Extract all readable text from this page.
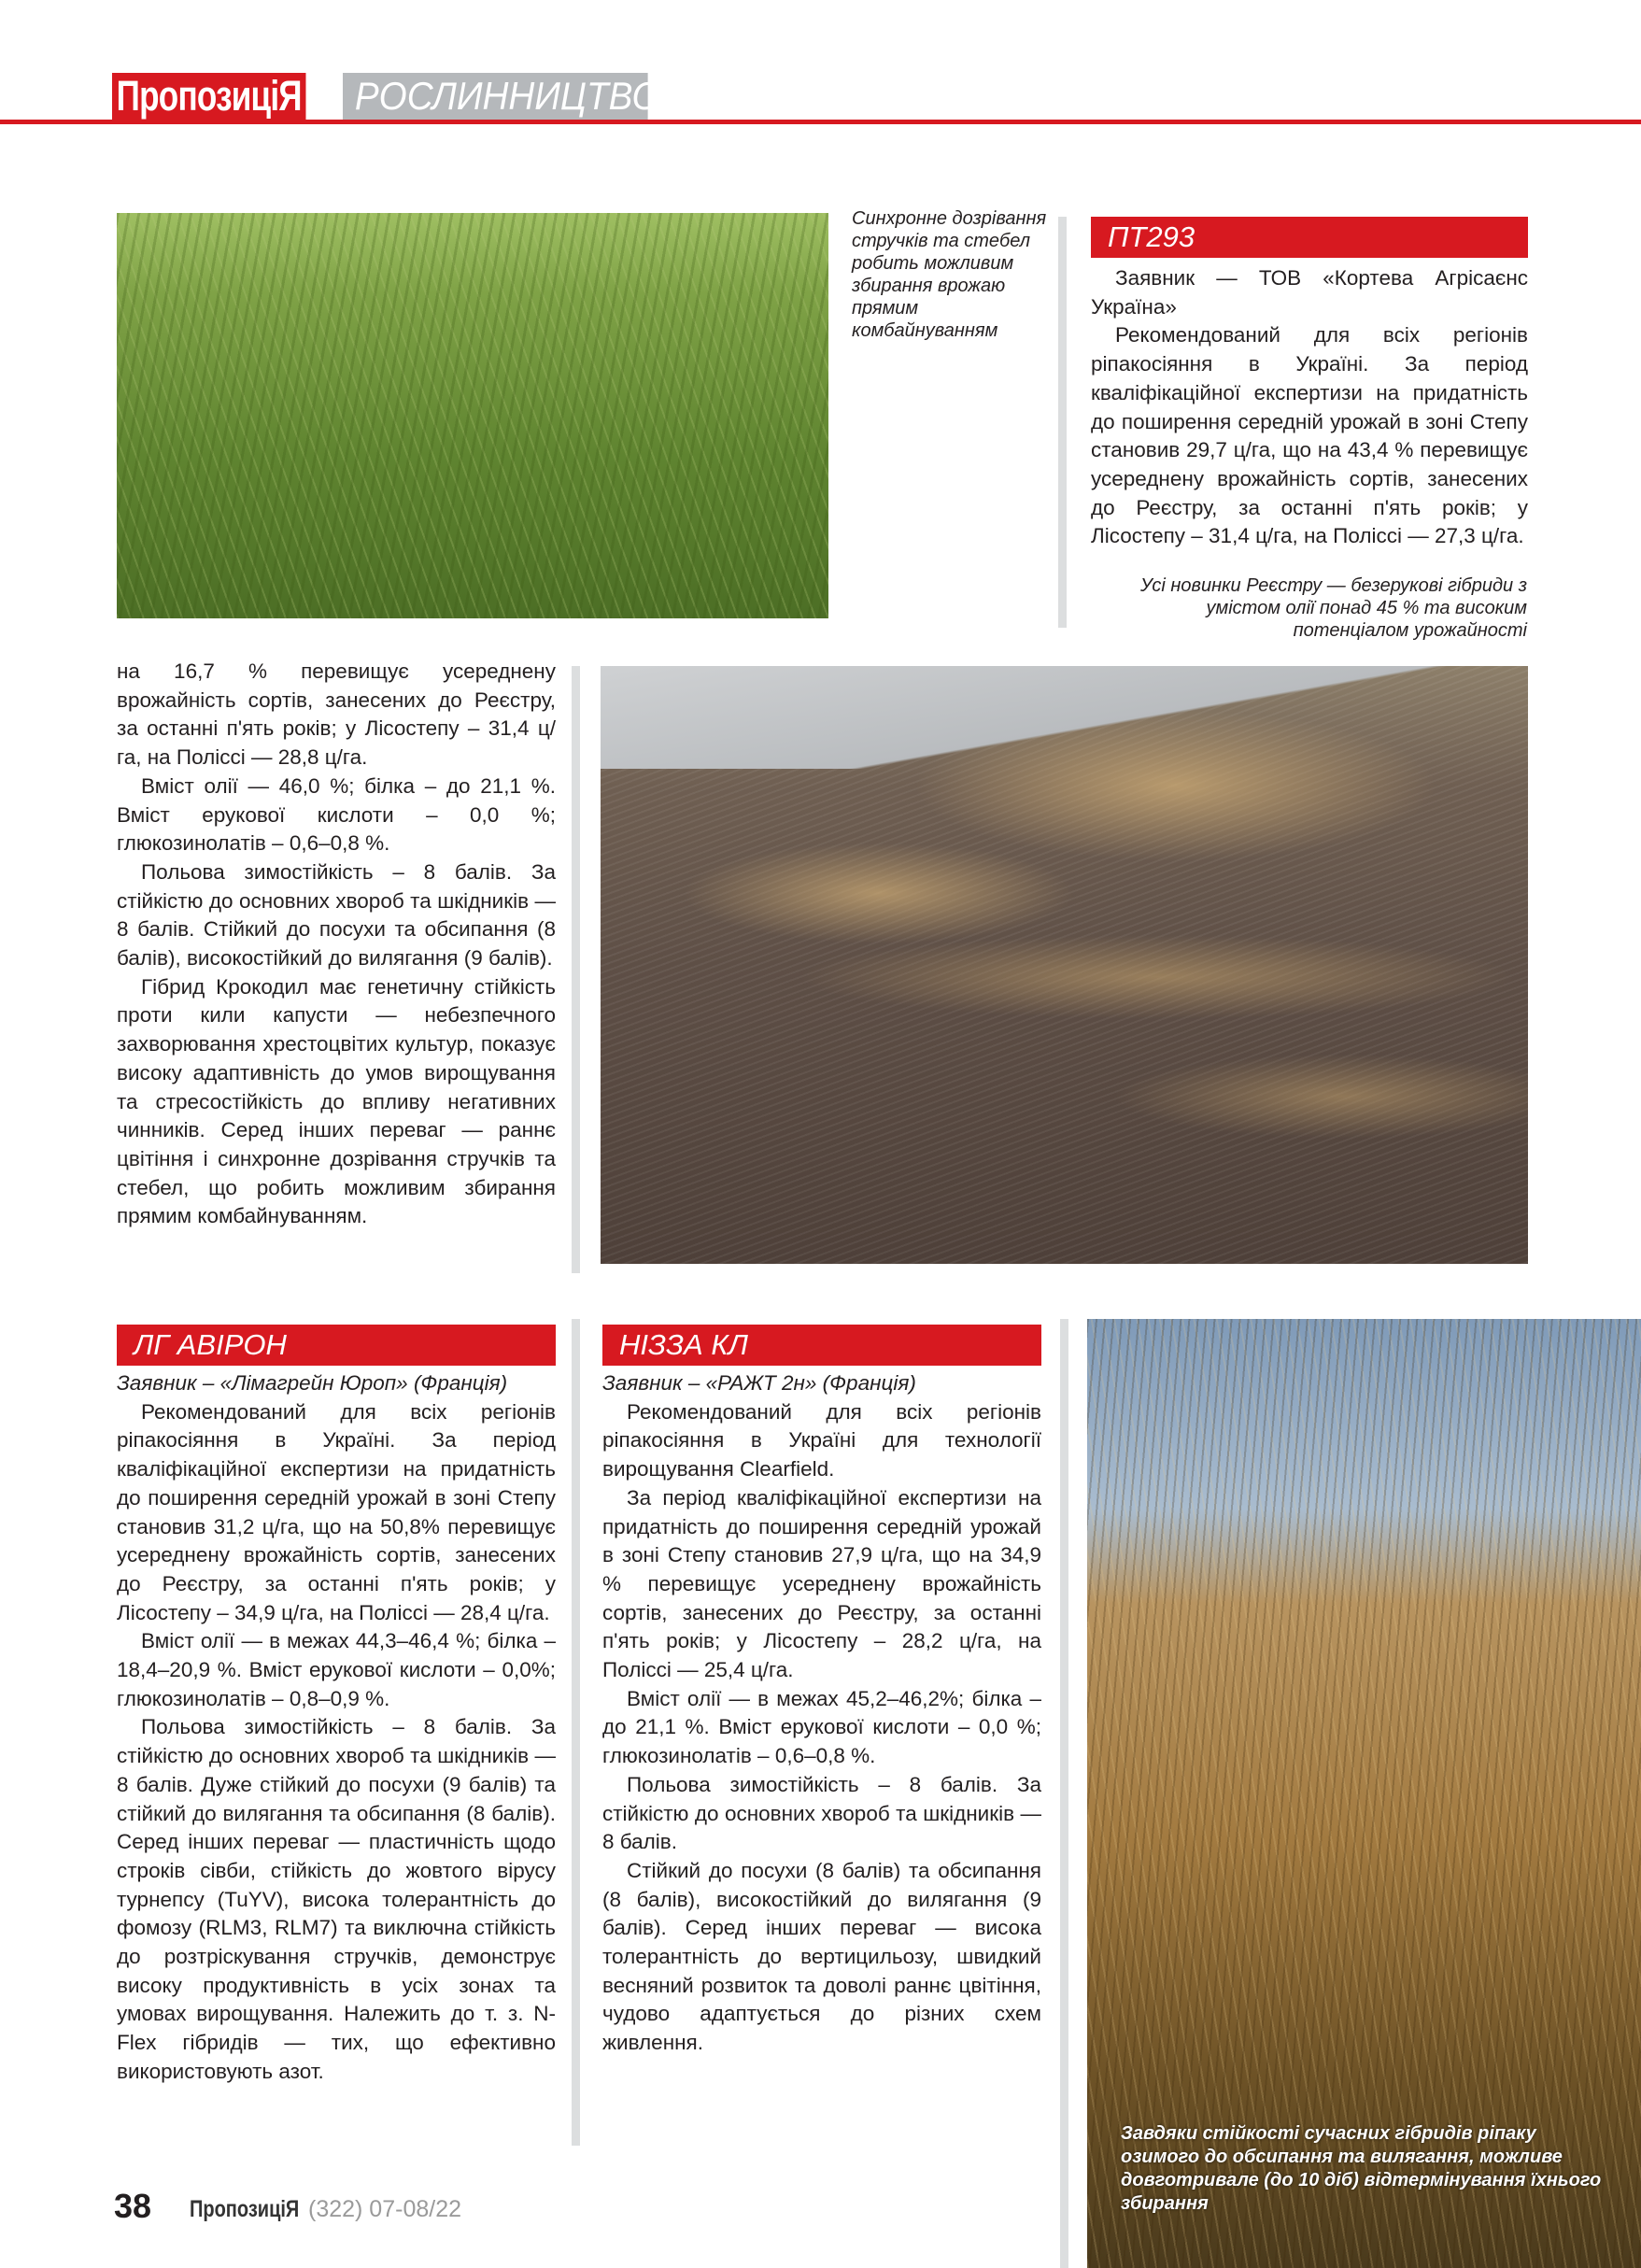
ПропозиціЯ	РОСЛИННИЦТВО
Синхронне дозрівання стручків та стебел робить можливим збирання врожаю прямим комбайнуванням
Усі новинки Реєстру — безерукові гібриди з умістом олії понад 45 % та високим потенціалом урожайності
Завдяки стійкості сучасних гібридів ріпаку озимого до обсипання та вилягання, можливе довготривале (до 10 діб) відтермінування їхнього збирання
ПТ293

Заявник — ТОВ «Кортева Агрісаєнс Україна»

Рекомендований для всіх регіонів ріпакосіяння в Україні. За період кваліфікаційної експертизи на придатність до поширення середній урожай в зоні Степу становив 29,7 ц/га, що на 43,4 % перевищує усереднену врожайність сортів, занесених до Реєстру, за останні п'ять років; у Лісостепу – 31,4 ц/га, на Поліссі — 27,3 ц/га.

на 16,7 % перевищує усереднену врожайність сортів, занесених до Реєстру, за останні п'ять років; у Лісостепу – 31,4 ц/га, на Поліссі — 28,8 ц/га.

Вміст олії — 46,0 %; білка – до 21,1 %. Вміст ерукової кислоти – 0,0 %; глюкозинолатів – 0,6–0,8 %.

Польова зимостійкість – 8 балів. За стійкістю до основних хвороб та шкідників — 8 балів. Стійкий до посухи та обсипання (8 балів), високостійкий до вилягання (9 балів).

Гібрид Крокодил має генетичну стійкість проти кили капусти — небезпечного захворювання хрестоцвітих культур, показує високу адаптивність до умов вирощування та стресостійкість до впливу негативних чинників. Серед інших переваг — раннє цвітіння і синхронне дозрівання стручків та стебел, що робить можливим збирання прямим комбайнуванням.

ЛГ АВІРОН

Заявник – «Лімагрейн Юроп» (Франція)

Рекомендований для всіх регіонів ріпакосіяння в Україні. За період кваліфікаційної експертизи на придатність до поширення середній урожай в зоні Степу становив 31,2 ц/га, що на 50,8% перевищує усереднену врожайність сортів, занесених до Реєстру, за останні п'ять років; у Лісостепу – 34,9 ц/га, на Поліссі — 28,4 ц/га.

Вміст олії — в межах 44,3–46,4 %; білка – 18,4–20,9 %. Вміст ерукової кислоти – 0,0%; глюкозинолатів – 0,8–0,9 %.

Польова зимостійкість – 8 балів. За стійкістю до основних хвороб та шкідників — 8 балів. Дуже стійкий до посухи (9 балів) та стійкий до вилягання та обсипання (8 балів). Серед інших переваг — пластичність щодо строків сівби, стійкість до жовтого вірусу турнепсу (TuYV), висока толерантність до фомозу (RLM3, RLM7) та виключна стійкість до розтріскування стручків, демонструє високу продуктивність в усіх зонах та умовах вирощування. Належить до т. з. N-Flex гібридів — тих, що ефективно використовують азот.

НІЗЗА КЛ

Заявник – «РАЖТ 2н» (Франція)

Рекомендований для всіх регіонів ріпакосіяння в Україні для технології вирощування Clearfield.

За період кваліфікаційної експертизи на придатність до поширення середній урожай в зоні Степу становив 27,9 ц/га, що на 34,9 % перевищує усереднену врожайність сортів, занесених до Реєстру, за останні п'ять років; у Лісостепу – 28,2 ц/га, на Поліссі — 25,4 ц/га.

Вміст олії — в межах 45,2–46,2%; білка – до 21,1 %. Вміст ерукової кислоти – 0,0 %; глюкозинолатів – 0,6–0,8 %.

Польова зимостійкість – 8 балів. За стійкістю до основних хвороб та шкідників — 8 балів.

Стійкий до посухи (8 балів) та обсипання (8 балів), високостійкий до вилягання (9 балів). Серед інших переваг — висока толерантність до вертицильозу, швидкий весняний розвиток та доволі раннє цвітіння, чудово адаптується до різних схем живлення.

38 ПропозиціЯ (322) 07-08/22
